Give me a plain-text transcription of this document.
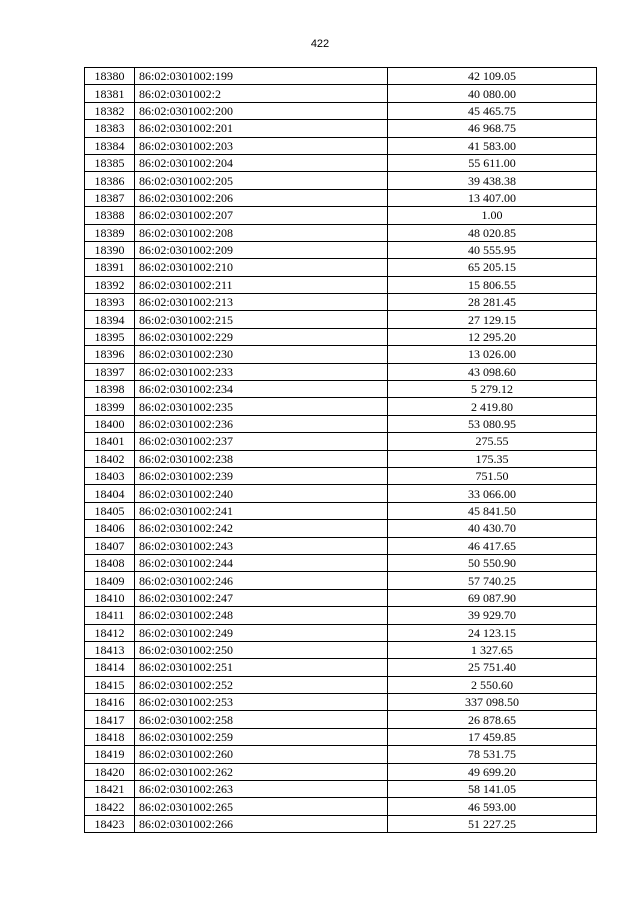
422
18380	86:02:0301002:199	42 109.05
18381	86:02:0301002:2	40 080.00
18382	86:02:0301002:200	45 465.75
18383	86:02:0301002:201	46 968.75
18384	86:02:0301002:203	41 583.00
18385	86:02:0301002:204	55 611.00
18386	86:02:0301002:205	39 438.38
18387	86:02:0301002:206	13 407.00
18388	86:02:0301002:207	1.00
18389	86:02:0301002:208	48 020.85
18390	86:02:0301002:209	40 555.95
18391	86:02:0301002:210	65 205.15
18392	86:02:0301002:211	15 806.55
18393	86:02:0301002:213	28 281.45
18394	86:02:0301002:215	27 129.15
18395	86:02:0301002:229	12 295.20
18396	86:02:0301002:230	13 026.00
18397	86:02:0301002:233	43 098.60
18398	86:02:0301002:234	5 279.12
18399	86:02:0301002:235	2 419.80
18400	86:02:0301002:236	53 080.95
18401	86:02:0301002:237	275.55
18402	86:02:0301002:238	175.35
18403	86:02:0301002:239	751.50
18404	86:02:0301002:240	33 066.00
18405	86:02:0301002:241	45 841.50
18406	86:02:0301002:242	40 430.70
18407	86:02:0301002:243	46 417.65
18408	86:02:0301002:244	50 550.90
18409	86:02:0301002:246	57 740.25
18410	86:02:0301002:247	69 087.90
18411	86:02:0301002:248	39 929.70
18412	86:02:0301002:249	24 123.15
18413	86:02:0301002:250	1 327.65
18414	86:02:0301002:251	25 751.40
18415	86:02:0301002:252	2 550.60
18416	86:02:0301002:253	337 098.50
18417	86:02:0301002:258	26 878.65
18418	86:02:0301002:259	17 459.85
18419	86:02:0301002:260	78 531.75
18420	86:02:0301002:262	49 699.20
18421	86:02:0301002:263	58 141.05
18422	86:02:0301002:265	46 593.00
18423	86:02:0301002:266	51 227.25
